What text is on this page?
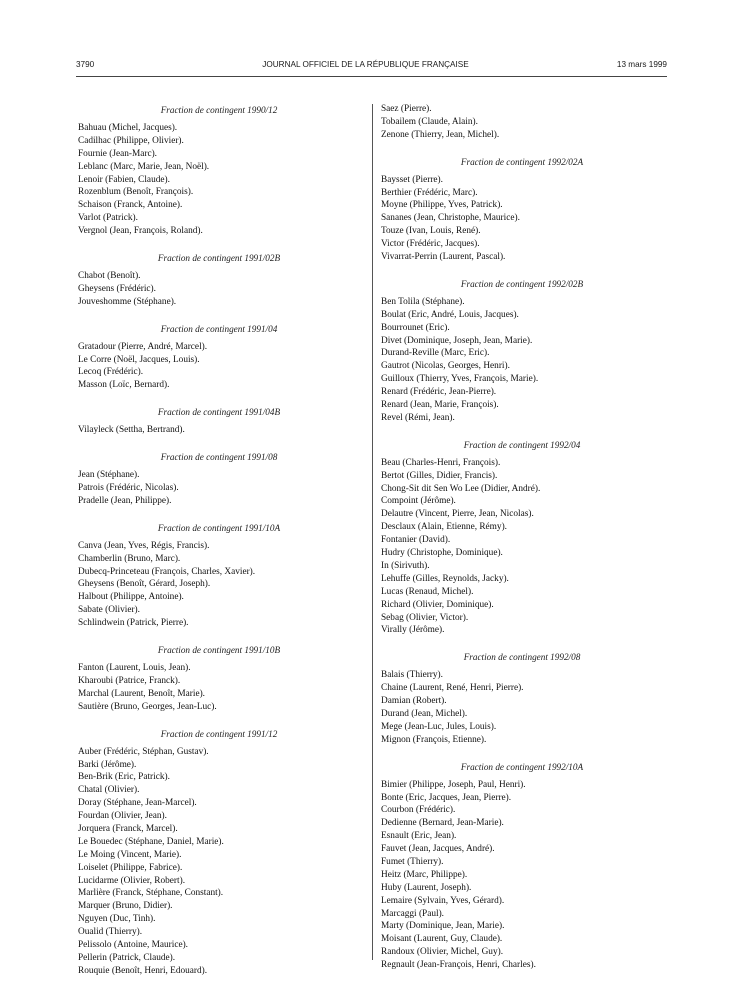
3790	JOURNAL OFFICIEL DE LA RÉPUBLIQUE FRANÇAISE	13 mars 1999
Fraction de contingent 1990/12
Bahuau (Michel, Jacques).
Cadilhac (Philippe, Olivier).
Fournie (Jean-Marc).
Leblanc (Marc, Marie, Jean, Noël).
Lenoir (Fabien, Claude).
Rozenblum (Benoît, François).
Schaison (Franck, Antoine).
Varlot (Patrick).
Vergnol (Jean, François, Roland).
Fraction de contingent 1991/02B
Chabot (Benoît).
Gheysens (Frédéric).
Jouveshomme (Stéphane).
Fraction de contingent 1991/04
Gratadour (Pierre, André, Marcel).
Le Corre (Noël, Jacques, Louis).
Lecoq (Frédéric).
Masson (Loïc, Bernard).
Fraction de contingent 1991/04B
Vilayleck (Settha, Bertrand).
Fraction de contingent 1991/08
Jean (Stéphane).
Patrois (Frédéric, Nicolas).
Pradelle (Jean, Philippe).
Fraction de contingent 1991/10A
Canva (Jean, Yves, Régis, Francis).
Chamberlin (Bruno, Marc).
Dubecq-Princeteau (François, Charles, Xavier).
Gheysens (Benoît, Gérard, Joseph).
Halbout (Philippe, Antoine).
Sabate (Olivier).
Schlindwein (Patrick, Pierre).
Fraction de contingent 1991/10B
Fanton (Laurent, Louis, Jean).
Kharoubi (Patrice, Franck).
Marchal (Laurent, Benoît, Marie).
Sautière (Bruno, Georges, Jean-Luc).
Fraction de contingent 1991/12
Auber (Frédéric, Stéphan, Gustav).
Barki (Jérôme).
Ben-Brik (Eric, Patrick).
Chatal (Olivier).
Doray (Stéphane, Jean-Marcel).
Fourdan (Olivier, Jean).
Jorquera (Franck, Marcel).
Le Bouedec (Stéphane, Daniel, Marie).
Le Moing (Vincent, Marie).
Loiselet (Philippe, Fabrice).
Lucidarme (Olivier, Robert).
Marlière (Franck, Stéphane, Constant).
Marquer (Bruno, Didier).
Nguyen (Duc, Tinh).
Oualid (Thierry).
Pelissolo (Antoine, Maurice).
Pellerin (Patrick, Claude).
Rouquie (Benoît, Henri, Edouard).
Saez (Pierre).
Tobailem (Claude, Alain).
Zenone (Thierry, Jean, Michel).
Fraction de contingent 1992/02A
Baysset (Pierre).
Berthier (Frédéric, Marc).
Moyne (Philippe, Yves, Patrick).
Sananes (Jean, Christophe, Maurice).
Touze (Ivan, Louis, René).
Victor (Frédéric, Jacques).
Vivarrat-Perrin (Laurent, Pascal).
Fraction de contingent 1992/02B
Ben Tolila (Stéphane).
Boulat (Eric, André, Louis, Jacques).
Bourrounet (Eric).
Divet (Dominique, Joseph, Jean, Marie).
Durand-Reville (Marc, Eric).
Gautrot (Nicolas, Georges, Henri).
Guilloux (Thierry, Yves, François, Marie).
Renard (Frédéric, Jean-Pierre).
Renard (Jean, Marie, François).
Revel (Rémi, Jean).
Fraction de contingent 1992/04
Beau (Charles-Henri, François).
Bertot (Gilles, Didier, Francis).
Chong-Sit dit Sen Wo Lee (Didier, André).
Compoint (Jérôme).
Delautre (Vincent, Pierre, Jean, Nicolas).
Desclaux (Alain, Etienne, Rémy).
Fontanier (David).
Hudry (Christophe, Dominique).
In (Sirivuth).
Lehuffe (Gilles, Reynolds, Jacky).
Lucas (Renaud, Michel).
Richard (Olivier, Dominique).
Sebag (Olivier, Victor).
Virally (Jérôme).
Fraction de contingent 1992/08
Balais (Thierry).
Chaine (Laurent, René, Henri, Pierre).
Damian (Robert).
Durand (Jean, Michel).
Mege (Jean-Luc, Jules, Louis).
Mignon (François, Etienne).
Fraction de contingent 1992/10A
Bimier (Philippe, Joseph, Paul, Henri).
Bonte (Eric, Jacques, Jean, Pierre).
Courbon (Frédéric).
Dedienne (Bernard, Jean-Marie).
Esnault (Eric, Jean).
Fauvet (Jean, Jacques, André).
Fumet (Thierry).
Heitz (Marc, Philippe).
Huby (Laurent, Joseph).
Lemaire (Sylvain, Yves, Gérard).
Marcaggi (Paul).
Marty (Dominique, Jean, Marie).
Moisant (Laurent, Guy, Claude).
Randoux (Olivier, Michel, Guy).
Regnault (Jean-François, Henri, Charles).
